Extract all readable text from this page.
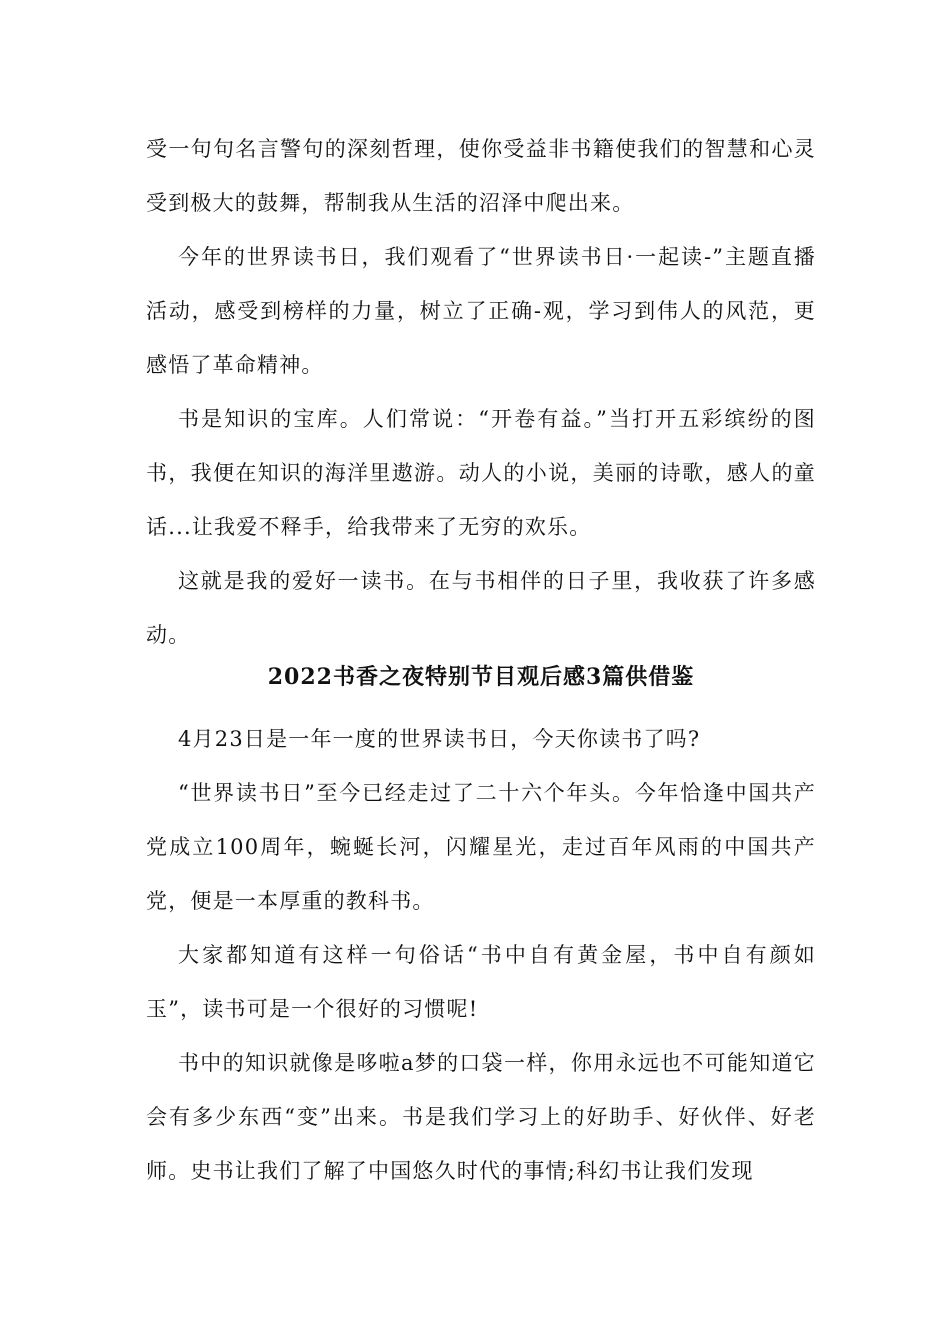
受一句句名言警句的深刻哲理，使你受益非书籍使我们的智慧和心灵受到极大的鼓舞，帮制我从生活的沼泽中爬出来。

今年的世界读书日，我们观看了“世界读书日·一起读-”主题直播活动，感受到榜样的力量，树立了正确-观，学习到伟人的风范，更感悟了革命精神。

书是知识的宝库。人们常说：“开卷有益。”当打开五彩缤纷的图书，我便在知识的海洋里遨游。动人的小说，美丽的诗歌，感人的童话...让我爱不释手，给我带来了无穷的欢乐。

这就是我的爱好一读书。在与书相伴的日子里，我收获了许多感动。

2022书香之夜特别节目观后感3篇供借鉴

4月23日是一年一度的世界读书日，今天你读书了吗?

“世界读书日”至今已经走过了二十六个年头。今年恰逢中国共产党成立100周年，蜿蜒长河，闪耀星光，走过百年风雨的中国共产党，便是一本厚重的教科书。

大家都知道有这样一句俗话“书中自有黄金屋，书中自有颜如玉”，读书可是一个很好的习惯呢!

书中的知识就像是哆啦a梦的口袋一样，你用永远也不可能知道它会有多少东西“变”出来。书是我们学习上的好助手、好伙伴、好老师。史书让我们了解了中国悠久时代的事情;科幻书让我们发现
